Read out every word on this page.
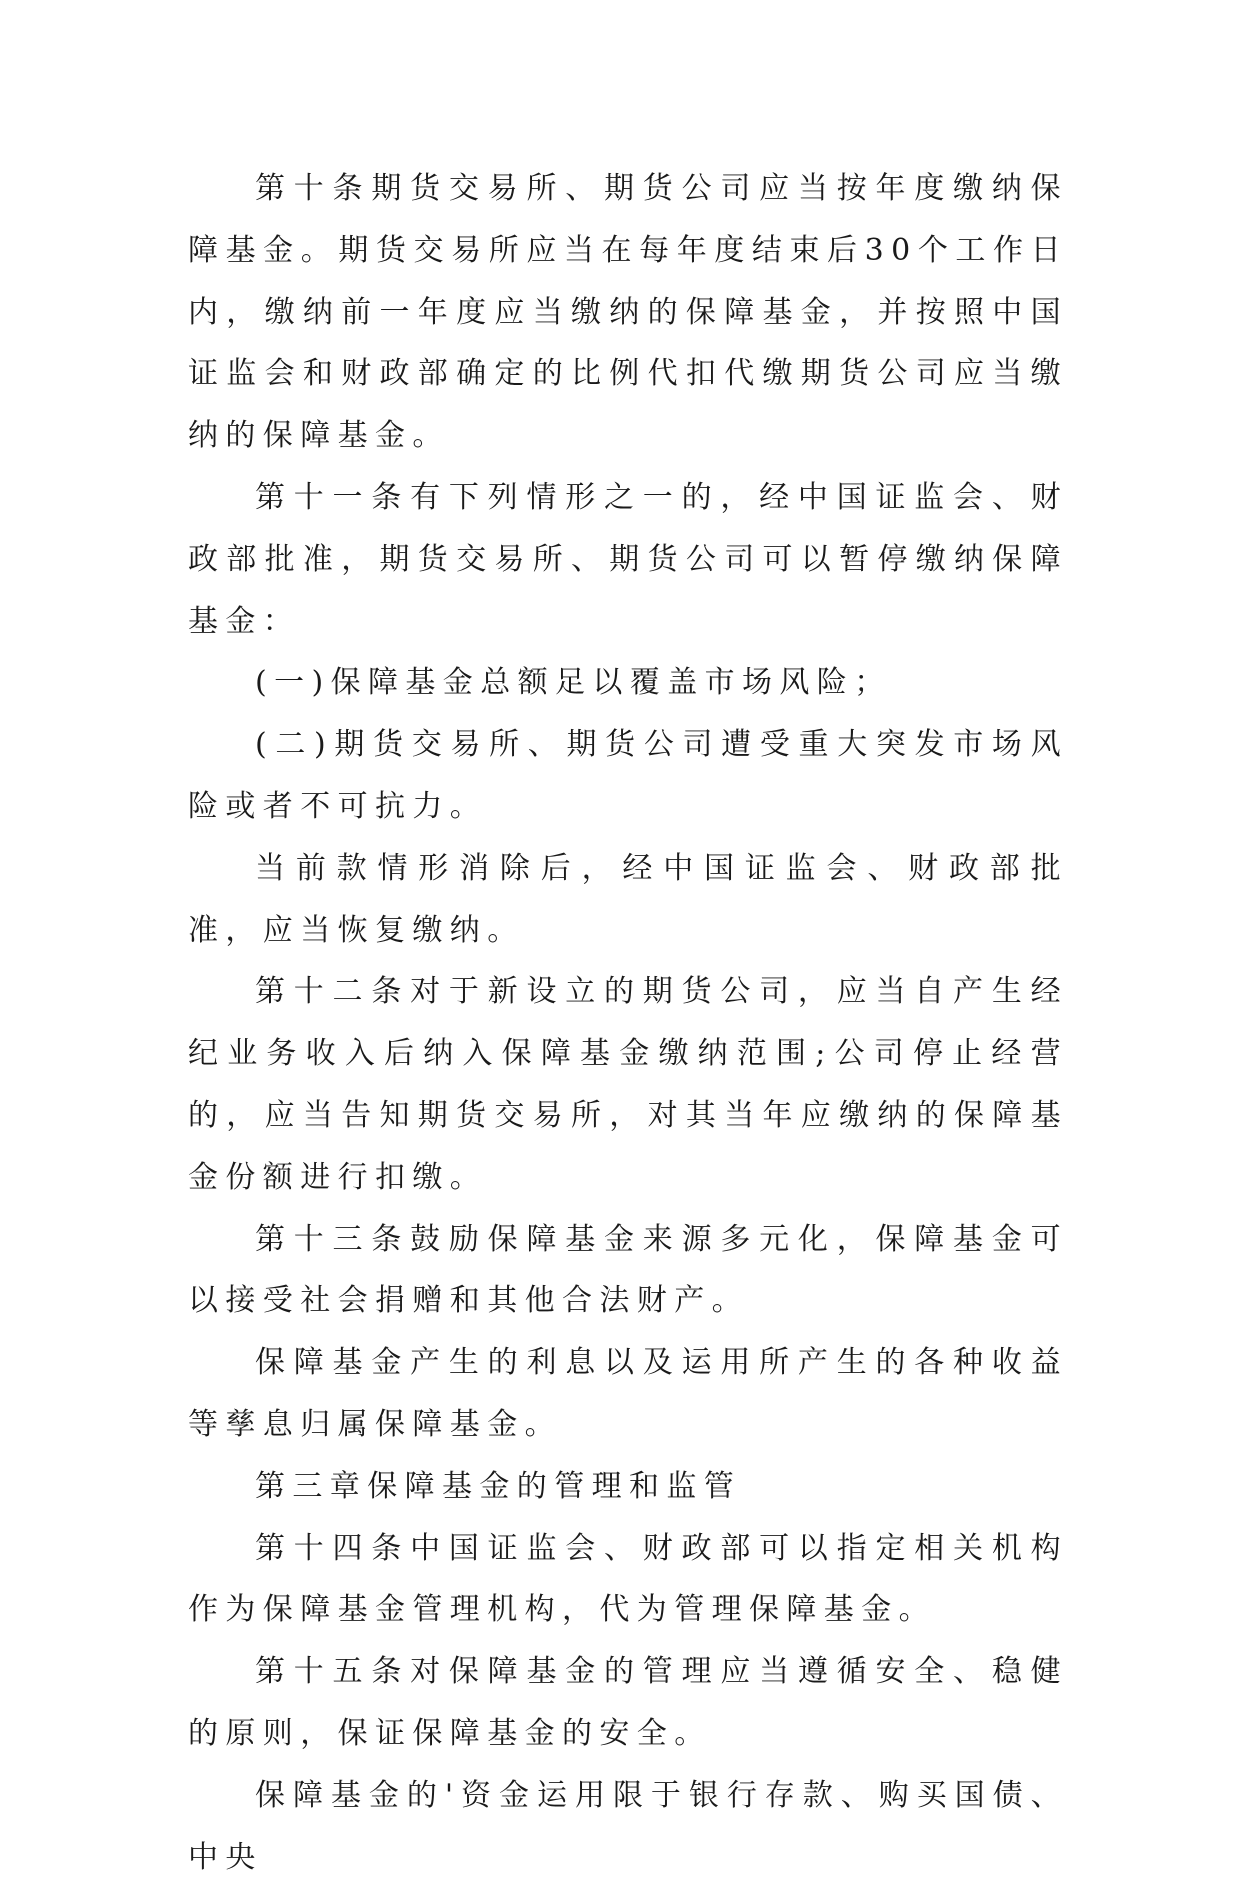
第十条期货交易所、期货公司应当按年度缴纳保障基金。期货交易所应当在每年度结束后30个工作日内，缴纳前一年度应当缴纳的保障基金，并按照中国证监会和财政部确定的比例代扣代缴期货公司应当缴纳的保障基金。

第十一条有下列情形之一的，经中国证监会、财政部批准，期货交易所、期货公司可以暂停缴纳保障基金：

(一)保障基金总额足以覆盖市场风险；

(二)期货交易所、期货公司遭受重大突发市场风险或者不可抗力。

当前款情形消除后，经中国证监会、财政部批准，应当恢复缴纳。

第十二条对于新设立的期货公司，应当自产生经纪业务收入后纳入保障基金缴纳范围;公司停止经营的，应当告知期货交易所，对其当年应缴纳的保障基金份额进行扣缴。

第十三条鼓励保障基金来源多元化，保障基金可以接受社会捐赠和其他合法财产。

保障基金产生的利息以及运用所产生的各种收益等孳息归属保障基金。

第三章保障基金的管理和监管

第十四条中国证监会、财政部可以指定相关机构作为保障基金管理机构，代为管理保障基金。

第十五条对保障基金的管理应当遵循安全、稳健的原则，保证保障基金的安全。

保障基金的'资金运用限于银行存款、购买国债、中央
